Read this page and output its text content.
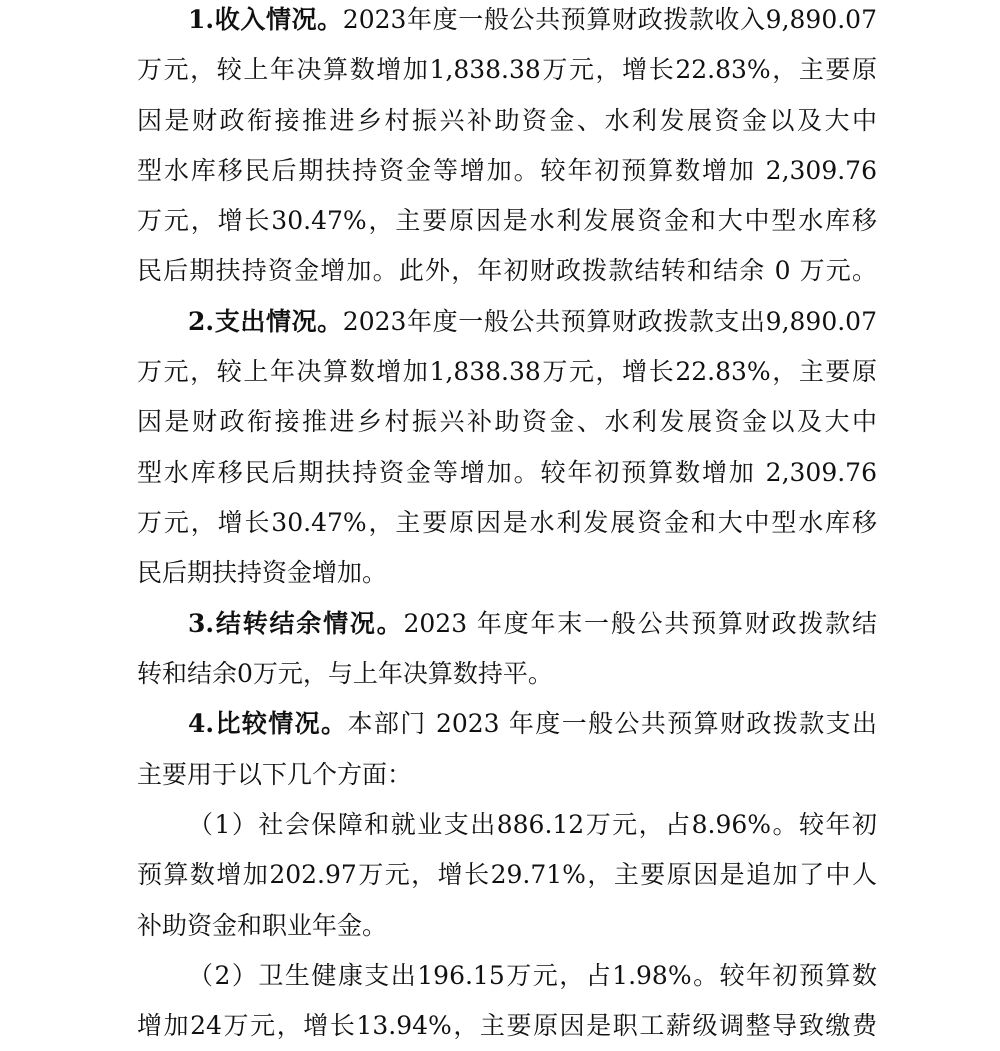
1.收入情况。2023年度一般公共预算财政拨款收入9,890.07
万元，较上年决算数增加1,838.38万元，增长22.83%，主要原
因是财政衔接推进乡村振兴补助资金、水利发展资金以及大中
型水库移民后期扶持资金等增加。较年初预算数增加 2,309.76
万元，增长30.47%，主要原因是水利发展资金和大中型水库移
民后期扶持资金增加。此外，年初财政拨款结转和结余 0 万元。
2.支出情况。2023年度一般公共预算财政拨款支出9,890.07
万元，较上年决算数增加1,838.38万元，增长22.83%，主要原
因是财政衔接推进乡村振兴补助资金、水利发展资金以及大中
型水库移民后期扶持资金等增加。较年初预算数增加 2,309.76
万元，增长30.47%，主要原因是水利发展资金和大中型水库移
民后期扶持资金增加。
3.结转结余情况。2023 年度年末一般公共预算财政拨款结
转和结余0万元，与上年决算数持平。
4.比较情况。本部门 2023 年度一般公共预算财政拨款支出
主要用于以下几个方面：
（1）社会保障和就业支出886.12万元，占8.96%。较年初
预算数增加202.97万元，增长29.71%，主要原因是追加了中人
补助资金和职业年金。
（2）卫生健康支出196.15万元，占1.98%。较年初预算数
增加24万元，增长13.94%，主要原因是职工薪级调整导致缴费
